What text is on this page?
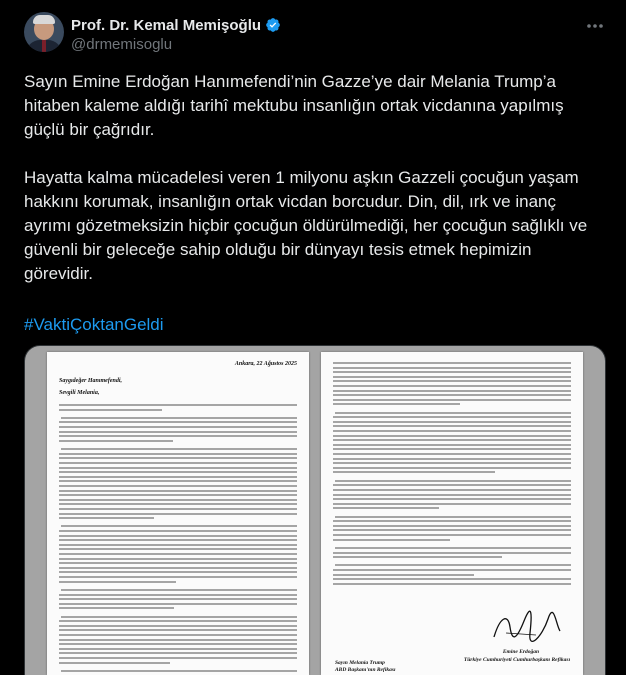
Prof. Dr. Kemal Memişoğlu
@drmemisoglu

Sayın Emine Erdoğan Hanımefendi’nin Gazze’ye dair Melania Trump’a hitaben kaleme aldığı tarihî mektubu insanlığın ortak vicdanına yapılmış güçlü bir çağrıdır.

Hayatta kalma mücadelesi veren 1 milyonu aşkın Gazzeli çocuğun yaşam hakkını korumak, insanlığın ortak vicdan borcudur. Din, dil, ırk ve inanç ayrımı gözetmeksizin hiçbir çocuğun öldürülmediği, her çocuğun sağlıklı ve güvenli bir geleceğe sahip olduğu bir dünyayı tesis etmek hepimizin görevidir.

#VaktiÇoktanGeldi
Ankara, 22 Ağustos 2025
Saygıdeğer Hanımefendi,
Sevgili Melania,
Emine Erdoğan
Türkiye Cumhuriyeti Cumhurbaşkanı Refikası
Sayın Melania Trump
ABD Başkanı'nın Refikası
